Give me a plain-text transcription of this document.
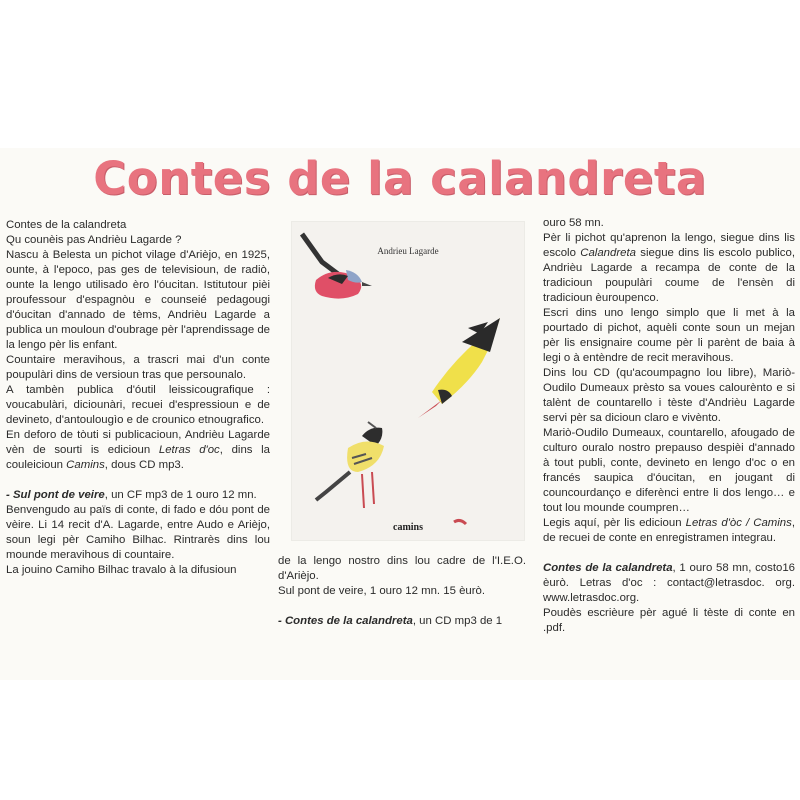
Contes de la calandreta

Contes de la calandreta

Qu counèis pas Andrièu Lagarde ?

Nascu à Belesta un pichot vilage d'Arièjo, en 1925, ounte, à l'epoco, pas ges de televisioun, de radiò, ounte la lengo utilisado èro l'óucitan. Istitutour pièi proufessour d'espagnòu e counseié pedagougi d'óucitan d'annado de tèms, Andrièu Lagarde a publica un mouloun d'oubrage pèr l'aprendissage de la lengo pèr lis enfant.

Countaire meravihous, a trascri mai d'un conte poupulàri dins de versioun tras que persounalo.

A tambèn publica d'óutil leissicougrafique : voucabulàri, diciounàri, recuei d'espressioun e de devineto, d'antoulougìo e de crounico etnougrafico.

En deforo de tòuti si publicacioun, Andrièu Lagarde vèn de sourti is edicioun Letras d'oc, dins la couleicioun Camins, dous CD mp3.

- Sul pont de veire, un CF mp3 de 1 ouro 12 mn.

Benvengudo au païs di conte, di fado e dóu pont de vèire. Li 14 recit d'A. Lagarde, entre Audo e Arièjo, soun legi pèr Camiho Bilhac. Rintrarès dins lou mounde meravihous di countaire.

La jouino Camiho Bilhac travalo à la difusioun

Andrieu Lagarde
camins

de la lengo nostro dins lou cadre de l'I.E.O. d'Arièjo.

Sul pont de veire, 1 ouro 12 mn. 15 èurò.

- Contes de la calandreta, un CD mp3 de 1

ouro 58 mn.

Pèr li pichot qu'aprenon la lengo, siegue dins lis escolo Calandreta siegue dins lis escolo publico, Andrièu Lagarde a recampa de conte de la tradicioun poupulàri coume de l'ensèn di tradicioun èuroupenco.

Escri dins uno lengo simplo que li met à la pourtado di pichot, aquèli conte soun un mejan pèr lis ensignaire coume pèr li parènt de baia à legi o à entèndre de recit meravihous.

Dins lou CD (qu'acoumpagno lou libre), Mariò-Oudilo Dumeaux prèsto sa voues calourènto e si talènt de countarello i tèste d'Andrièu Lagarde servi pèr sa dicioun claro e vivènto.

Mariò-Oudilo Dumeaux, countarello, afougado de culturo ouralo nostro prepauso despièi d'annado à tout publi, conte, devineto en lengo d'oc o en francés saupica d'óucitan, en jougant di councourdanço e diferènci entre li dos lengo… e tout lou mounde coumpren…

Legis aquí, pèr lis edicioun Letras d'òc / Camins, de recuei de conte en enregistramen integrau.

Contes de la calandreta, 1 ouro 58 mn, costo16 èurò. Letras d'oc : contact@letrasdoc. org. www.letrasdoc.org.

Poudès escrièure pèr agué li tèste di conte en .pdf.
